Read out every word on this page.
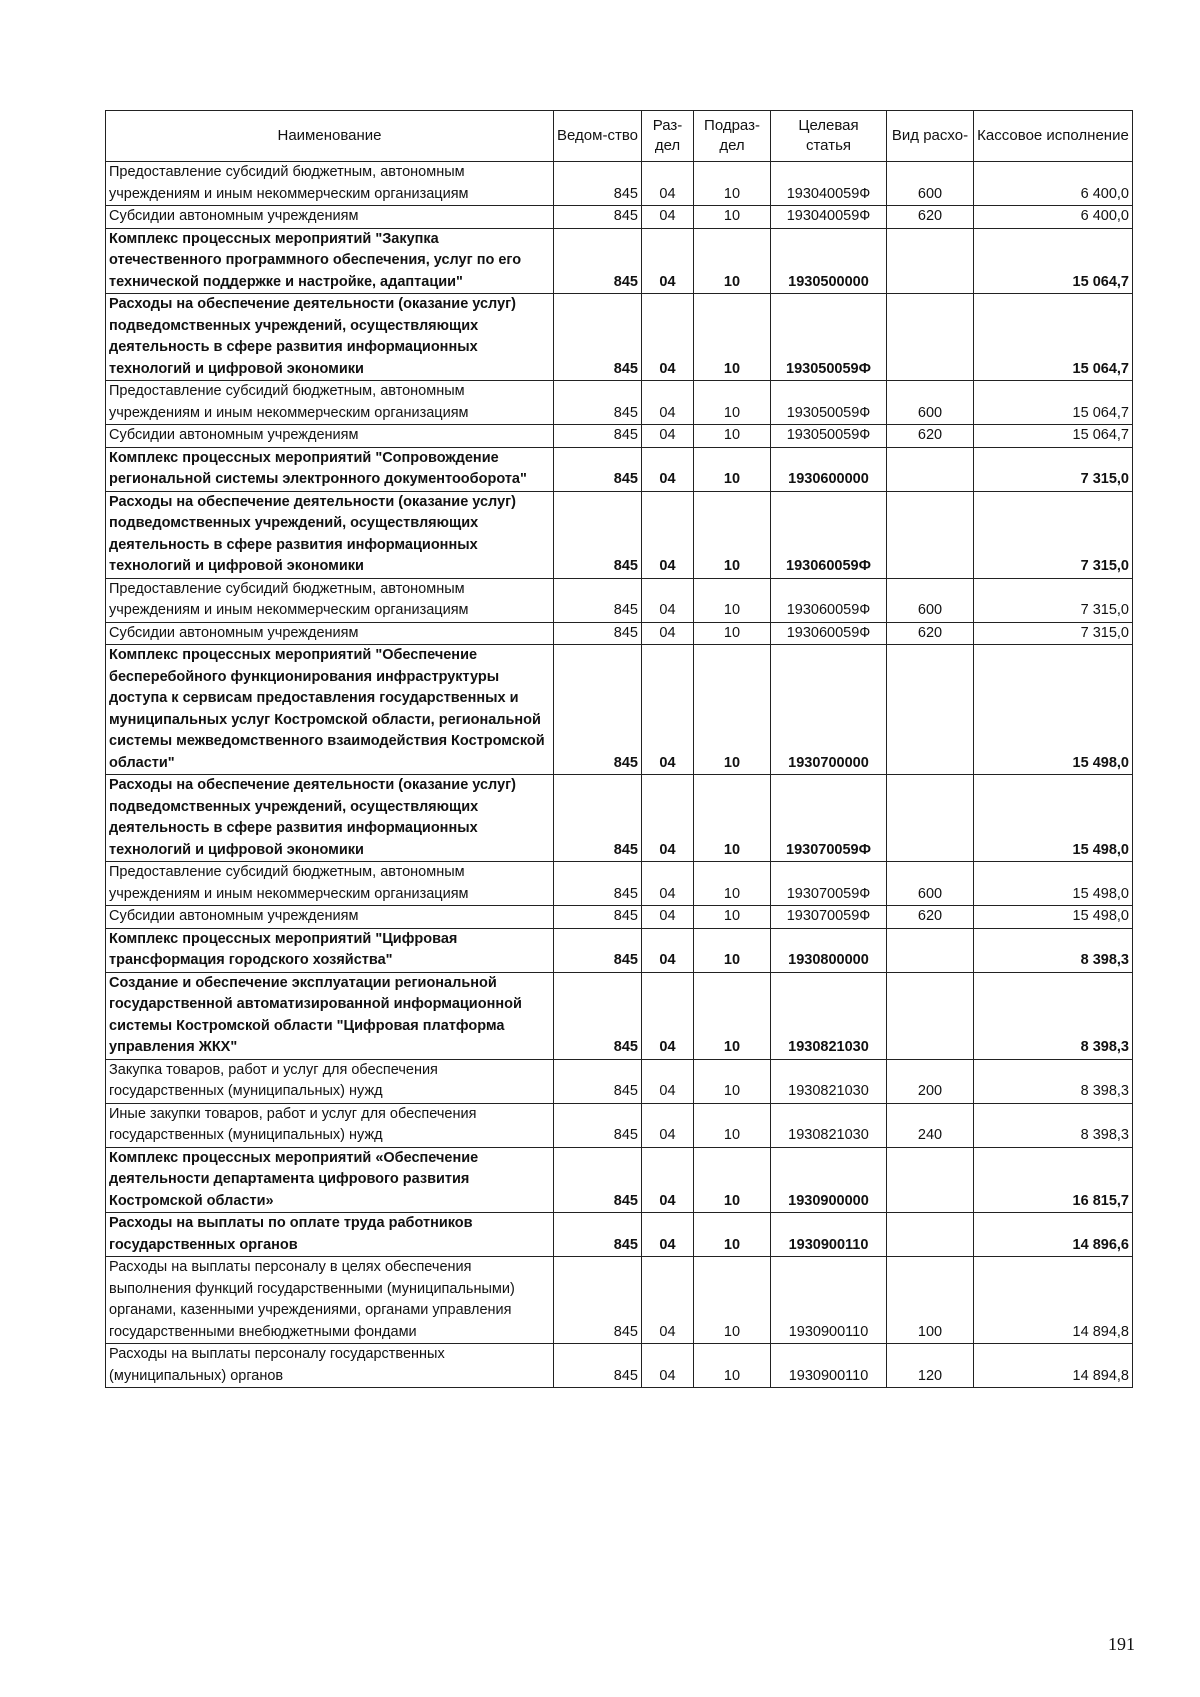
Наименование	Ведом-ство	Раз-дел	Подраз-дел	Целевая статья	Вид расхо-	Кассовое исполнение
Предоставление субсидий бюджетным, автономным учреждениям и иным некоммерческим организациям	845	04	10	193040059Ф	600	6 400,0
Субсидии автономным учреждениям	845	04	10	193040059Ф	620	6 400,0
Комплекс процессных мероприятий "Закупка отечественного программного обеспечения, услуг по его технической поддержке и настройке, адаптации"	845	04	10	1930500000		15 064,7
Расходы на обеспечение деятельности (оказание услуг) подведомственных учреждений, осуществляющих деятельность в сфере развития информационных технологий и цифровой экономики	845	04	10	193050059Ф		15 064,7
Предоставление субсидий бюджетным, автономным учреждениям и иным некоммерческим организациям	845	04	10	193050059Ф	600	15 064,7
Субсидии автономным учреждениям	845	04	10	193050059Ф	620	15 064,7
Комплекс процессных мероприятий "Сопровождение региональной системы электронного документооборота"	845	04	10	1930600000		7 315,0
Расходы на обеспечение деятельности (оказание услуг) подведомственных учреждений, осуществляющих деятельность в сфере развития информационных технологий и цифровой экономики	845	04	10	193060059Ф		7 315,0
Предоставление субсидий бюджетным, автономным учреждениям и иным некоммерческим организациям	845	04	10	193060059Ф	600	7 315,0
Субсидии автономным учреждениям	845	04	10	193060059Ф	620	7 315,0
Комплекс процессных мероприятий "Обеспечение бесперебойного функционирования инфраструктуры доступа к сервисам предоставления государственных и муниципальных услуг Костромской области, региональной системы межведомственного взаимодействия Костромской области"	845	04	10	1930700000		15 498,0
Расходы на обеспечение деятельности (оказание услуг) подведомственных учреждений, осуществляющих деятельность в сфере развития информационных технологий и цифровой экономики	845	04	10	193070059Ф		15 498,0
Предоставление субсидий бюджетным, автономным учреждениям и иным некоммерческим организациям	845	04	10	193070059Ф	600	15 498,0
Субсидии автономным учреждениям	845	04	10	193070059Ф	620	15 498,0
Комплекс процессных мероприятий "Цифровая трансформация городского хозяйства"	845	04	10	1930800000		8 398,3
Создание и обеспечение эксплуатации региональной государственной автоматизированной информационной системы Костромской области "Цифровая платформа управления ЖКХ"	845	04	10	1930821030		8 398,3
Закупка товаров, работ и услуг для обеспечения государственных (муниципальных) нужд	845	04	10	1930821030	200	8 398,3
Иные закупки товаров, работ и услуг для обеспечения государственных (муниципальных) нужд	845	04	10	1930821030	240	8 398,3
Комплекс процессных мероприятий «Обеспечение деятельности департамента цифрового развития Костромской области»	845	04	10	1930900000		16 815,7
Расходы на выплаты по оплате труда работников государственных органов	845	04	10	1930900110		14 896,6
Расходы на выплаты персоналу в целях обеспечения выполнения функций государственными (муниципальными) органами, казенными учреждениями, органами управления государственными внебюджетными фондами	845	04	10	1930900110	100	14 894,8
Расходы на выплаты персоналу государственных (муниципальных) органов	845	04	10	1930900110	120	14 894,8
191
